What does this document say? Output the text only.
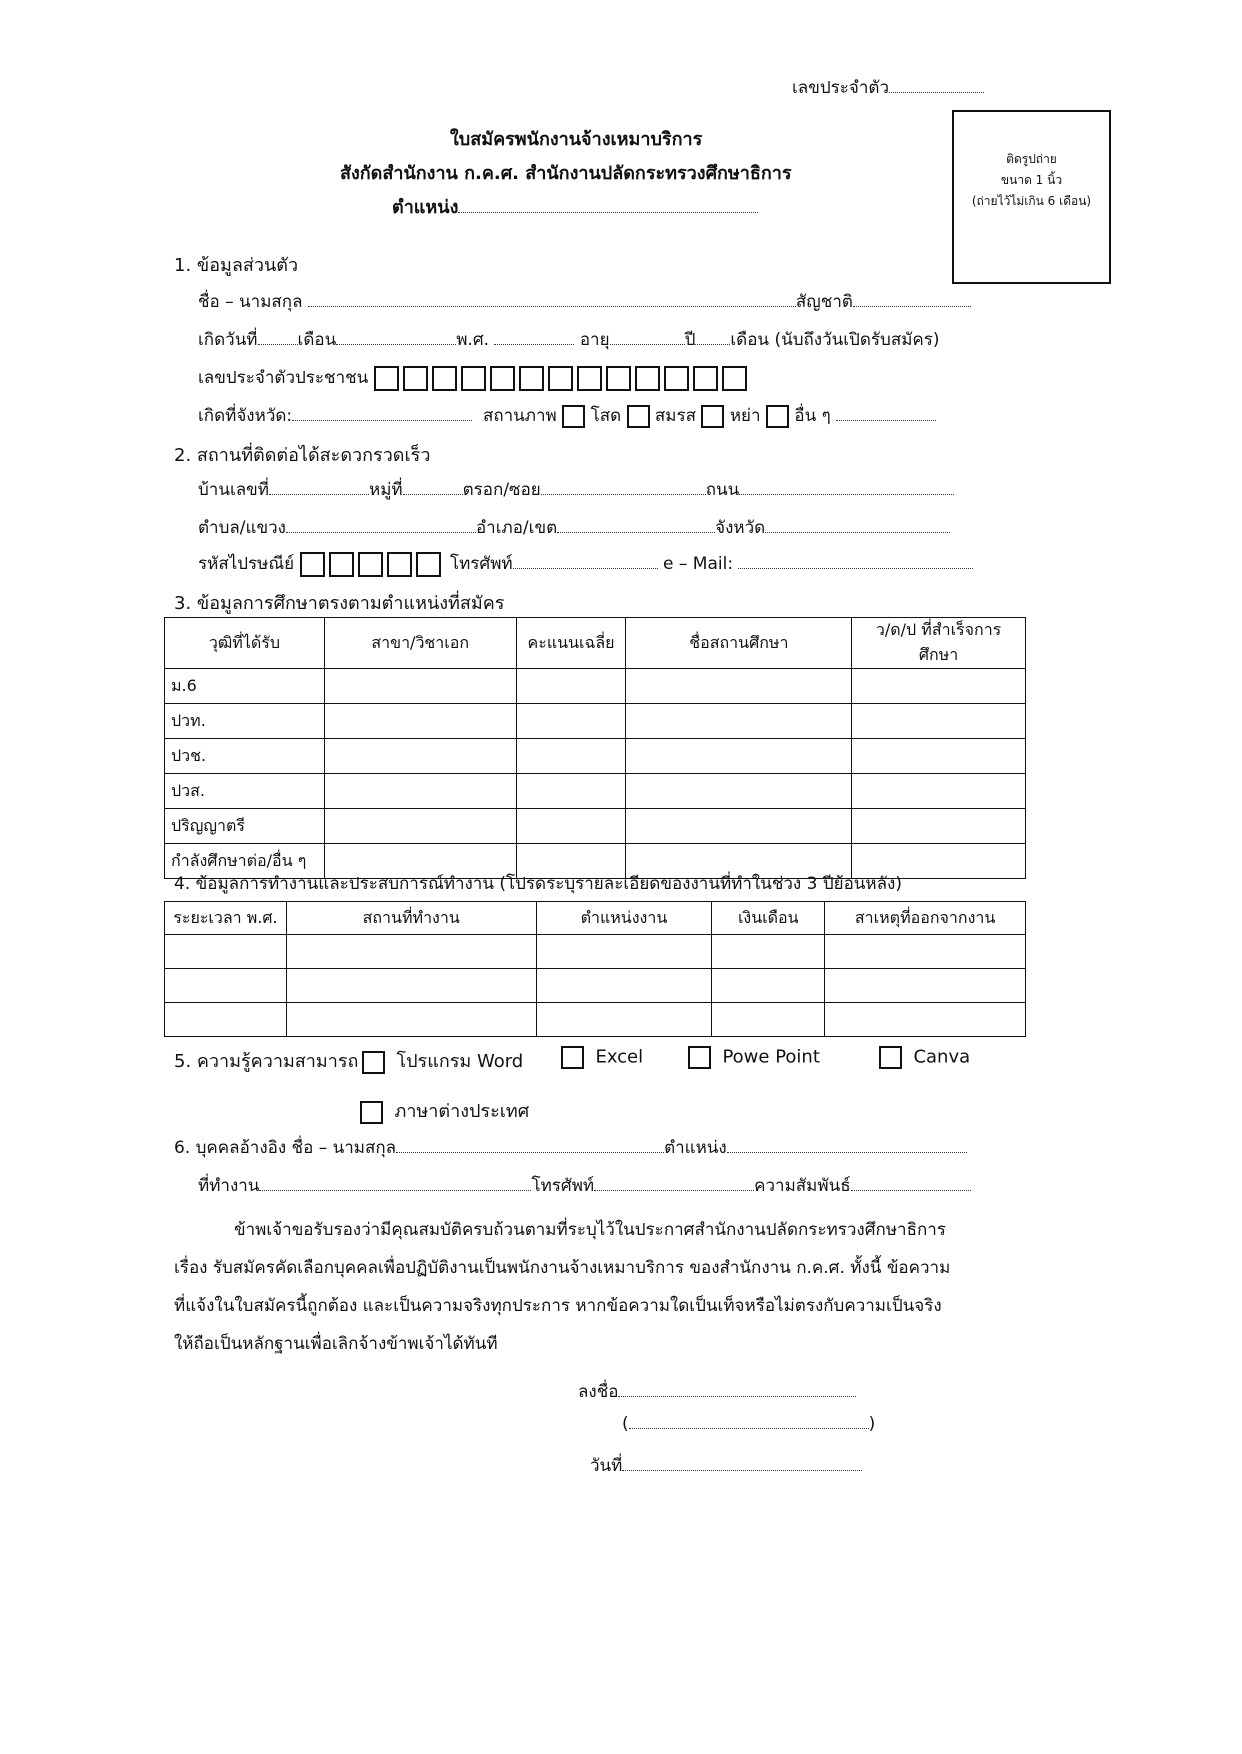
เลขประจำตัว
ติดรูปถ่าย
ขนาด 1 นิ้ว
(ถ่ายไว้ไม่เกิน 6 เดือน)
ใบสมัครพนักงานจ้างเหมาบริการ
สังกัดสำนักงาน ก.ค.ศ. สำนักงานปลัดกระทรวงศึกษาธิการ
ตำแหน่ง
1. ข้อมูลส่วนตัว
ชื่อ – นามสกุล	สัญชาติ
เกิดวันที่ เดือน	พ.ศ.	อายุ	ปี เดือน (นับถึงวันเปิดรับสมัคร)
เลขประจำตัวประชาชน
เกิดที่จังหวัด:	สถานภาพ โสด สมรส หย่า อื่น ๆ
2. สถานที่ติดต่อได้สะดวกรวดเร็ว
บ้านเลขที่	หมู่ที่	ตรอก/ซอย	ถนน
ตำบล/แขวง	อำเภอ/เขต	จังหวัด
รหัสไปรษณีย์	โทรศัพท์	e – Mail:
3. ข้อมูลการศึกษาตรงตามตำแหน่งที่สมัคร
วุฒิที่ได้รับ	สาขา/วิชาเอก	คะแนนเฉลี่ย	ชื่อสถานศึกษา	ว/ด/ป ที่สำเร็จการศึกษา
ม.6				
ปวท.				
ปวช.				
ปวส.				
ปริญญาตรี				
กำลังศึกษาต่อ/อื่น ๆ				
4. ข้อมูลการทำงานและประสบการณ์ทำงาน (โปรดระบุรายละเอียดของงานที่ทำในช่วง 3 ปีย้อนหลัง)
ระยะเวลา พ.ศ.	สถานที่ทำงาน	ตำแหน่งงาน	เงินเดือน	สาเหตุที่ออกจากงาน

5. ความรู้ความสามารถ	โปรแกรม Word	Excel	Powe Point	Canva
ภาษาต่างประเทศ
6. บุคคลอ้างอิง ชื่อ – นามสกุล	ตำแหน่ง
ที่ทำงาน	โทรศัพท์	ความสัมพันธ์
ข้าพเจ้าขอรับรองว่ามีคุณสมบัติครบถ้วนตามที่ระบุไว้ในประกาศสำนักงานปลัดกระทรวงศึกษาธิการ
เรื่อง รับสมัครคัดเลือกบุคคลเพื่อปฏิบัติงานเป็นพนักงานจ้างเหมาบริการ ของสำนักงาน ก.ค.ศ. ทั้งนี้ ข้อความ
ที่แจ้งในใบสมัครนี้ถูกต้อง และเป็นความจริงทุกประการ หากข้อความใดเป็นเท็จหรือไม่ตรงกับความเป็นจริง
ให้ถือเป็นหลักฐานเพื่อเลิกจ้างข้าพเจ้าได้ทันที
ลงชื่อ
(	)
วันที่
